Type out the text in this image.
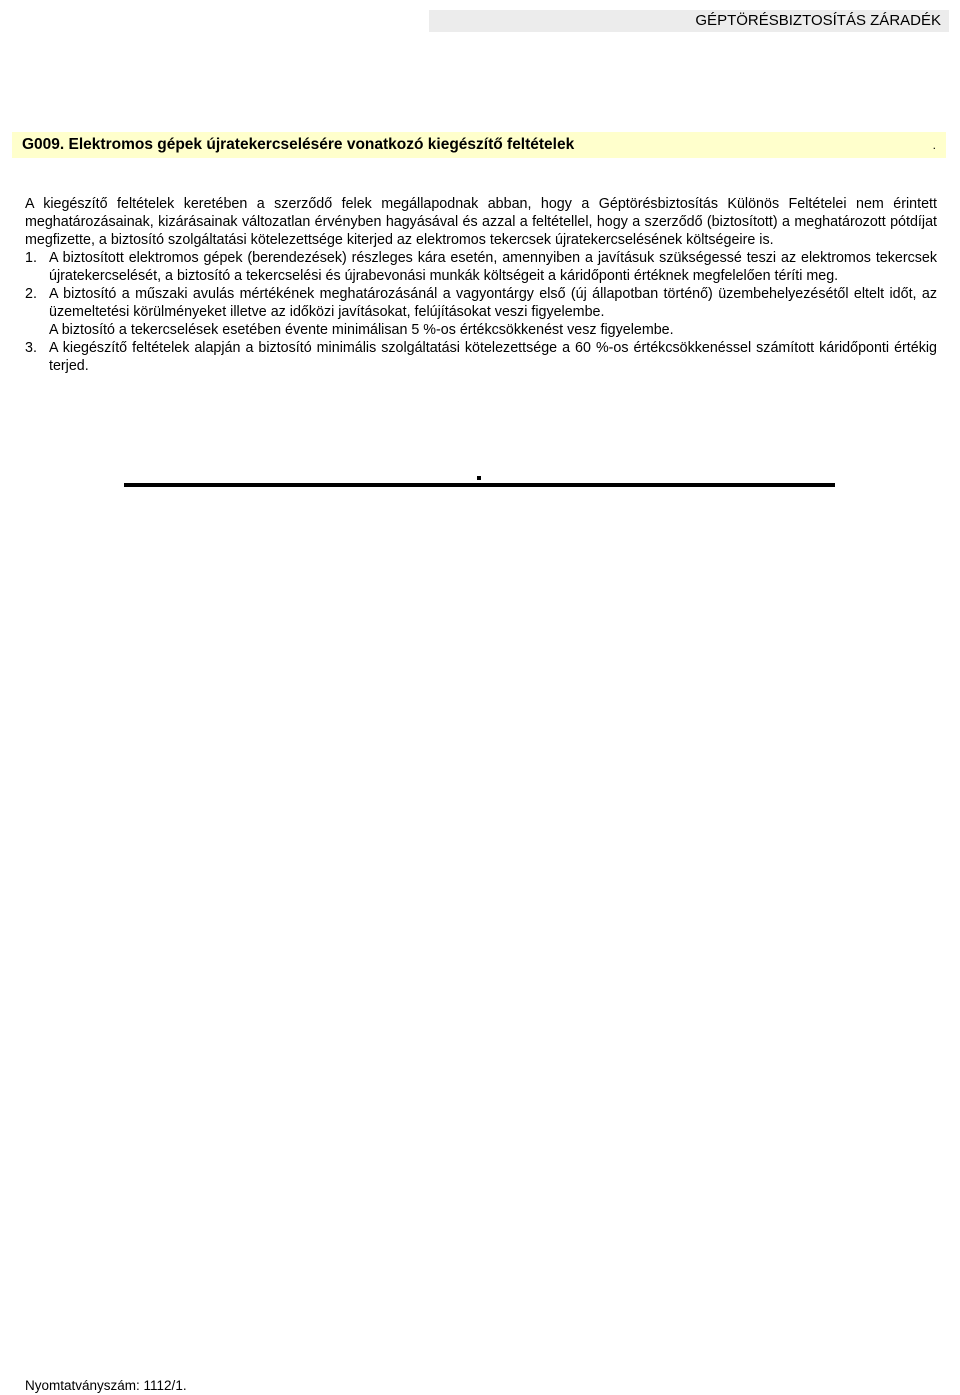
GÉPTÖRÉSBIZTOSÍTÁS ZÁRADÉK
G009. Elektromos gépek újratekercselésére vonatkozó kiegészítő feltételek	.

A kiegészítő feltételek keretében a szerződő felek megállapodnak abban, hogy a Géptörésbiztosítás Különös Feltételei nem érintett meghatározásainak, kizárásainak változatlan érvényben hagyásával és azzal a feltétellel, hogy a szerződő (biztosított) a meghatározott pótdíjat megfizette, a biztosító szolgáltatási kötelezettsége kiterjed az elektromos tekercsek újratekercselésének költségeire is.

1. A biztosított elektromos gépek (berendezések) részleges kára esetén, amennyiben a javításuk szükségessé teszi az elektromos tekercsek újratekercselését, a biztosító a tekercselési és újrabevonási munkák költségeit a káridőponti értéknek megfelelően téríti meg.
2. A biztosító a műszaki avulás mértékének meghatározásánál a vagyontárgy első (új állapotban történő) üzembehelyezésétől eltelt időt, az üzemeltetési körülményeket illetve az időközi javításokat, felújításokat veszi figyelembe.
A biztosító a tekercselések esetében évente minimálisan 5 %-os értékcsökkenést vesz figyelembe.
3. A kiegészítő feltételek alapján a biztosító minimális szolgáltatási kötelezettsége a 60 %-os értékcsökkenéssel számított káridőponti értékig terjed.
Nyomtatványszám: 1112/1.
